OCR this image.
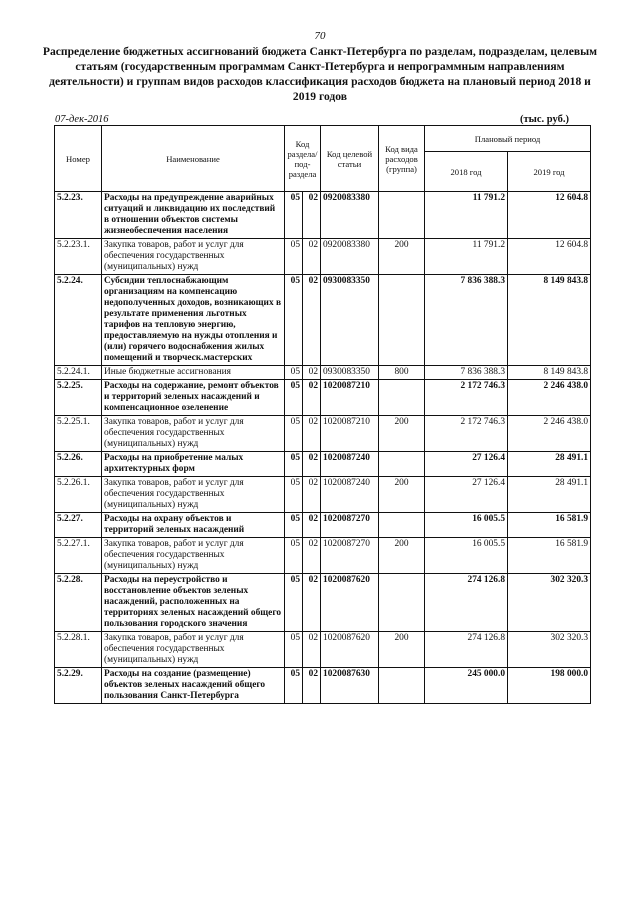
70
Распределение бюджетных ассигнований бюджета Санкт-Петербурга по разделам, подразделам, целевым статьям (государственным программам Санкт-Петербурга и непрограммным направлениям деятельности) и группам видов расходов классификация расходов бюджета на плановый период 2018 и 2019 годов
07-дек-2016	(тыс. руб.)
Номер	Наименование	Код раздела/ под- раздела		Код целевой статьи	Код вида расходов (группа)	Плановый период	
						2018 год	2019 год
5.2.23.	Расходы на предупреждение аварийных ситуаций и ликвидацию их последствий в отношении объектов системы жизнеобеспечения населения	05	02	0920083380		11 791.2	12 604.8
5.2.23.1.	Закупка товаров, работ и услуг для обеспечения государственных (муниципальных) нужд	05	02	0920083380	200	11 791.2	12 604.8
5.2.24.	Субсидии теплоснабжающим организациям на компенсацию недополученных доходов, возникающих в результате применения льготных тарифов на тепловую энергию, предоставляемую на нужды отопления и (или) горячего водоснабжения жилых помещений и творческ.мастерских	05	02	0930083350		7 836 388.3	8 149 843.8
5.2.24.1.	Иные бюджетные ассигнования	05	02	0930083350	800	7 836 388.3	8 149 843.8
5.2.25.	Расходы на содержание, ремонт объектов и территорий зеленых насаждений и компенсационное озеленение	05	02	1020087210		2 172 746.3	2 246 438.0
5.2.25.1.	Закупка товаров, работ и услуг для обеспечения государственных (муниципальных) нужд	05	02	1020087210	200	2 172 746.3	2 246 438.0
5.2.26.	Расходы на приобретение малых архитектурных форм	05	02	1020087240		27 126.4	28 491.1
5.2.26.1.	Закупка товаров, работ и услуг для обеспечения государственных (муниципальных) нужд	05	02	1020087240	200	27 126.4	28 491.1
5.2.27.	Расходы на охрану объектов и территорий зеленых насаждений	05	02	1020087270		16 005.5	16 581.9
5.2.27.1.	Закупка товаров, работ и услуг для обеспечения государственных (муниципальных) нужд	05	02	1020087270	200	16 005.5	16 581.9
5.2.28.	Расходы на переустройство и восстановление объектов зеленых насаждений, расположенных на территориях зеленых насаждений общего пользования городского значения	05	02	1020087620		274 126.8	302 320.3
5.2.28.1.	Закупка товаров, работ и услуг для обеспечения государственных (муниципальных) нужд	05	02	1020087620	200	274 126.8	302 320.3
5.2.29.	Расходы на создание (размещение) объектов зеленых насаждений общего пользования Санкт-Петербурга	05	02	1020087630		245 000.0	198 000.0
